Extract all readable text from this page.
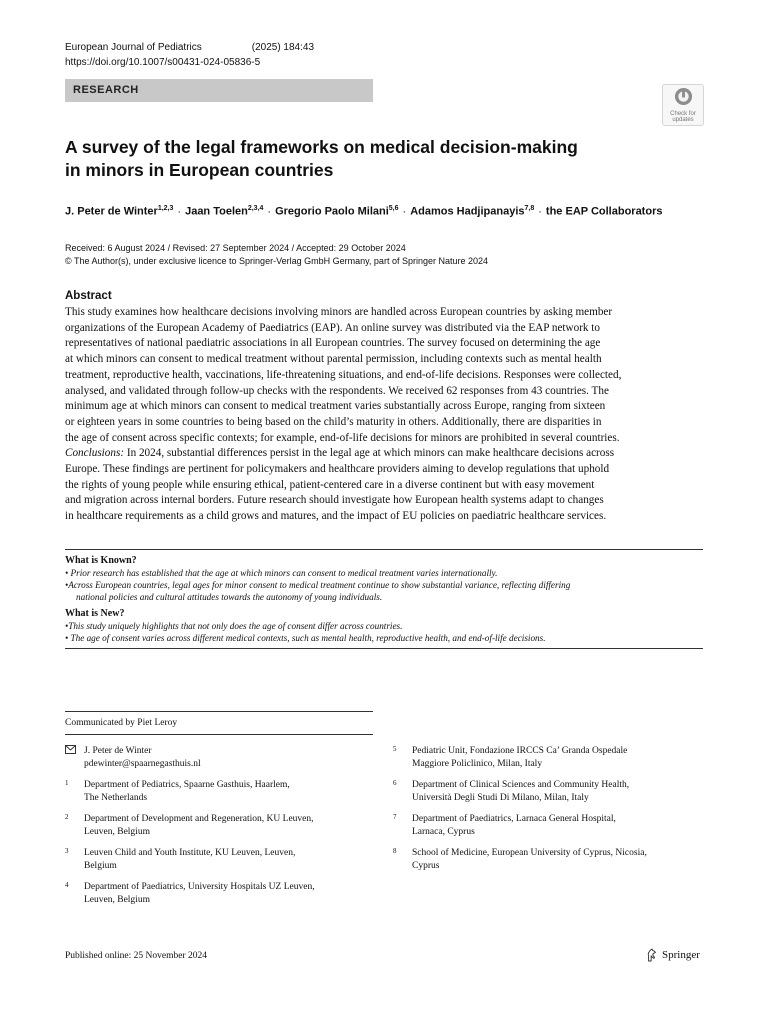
European Journal of Pediatrics	(2025) 184:43
https://doi.org/10.1007/s00431-024-05836-5
RESEARCH
Check for
updates
A survey of the legal frameworks on medical decision-making
in minors in European countries
J. Peter de Winter$^{1,2,3}$ · Jaan Toelen$^{2,3,4}$ · Gregorio Paolo Milani$^{5,6}$ · Adamos Hadjipanayis$^{7,8}$ · the EAP Collaborators
Received: 6 August 2024 / Revised: 27 September 2024 / Accepted: 29 October 2024
© The Author(s), under exclusive licence to Springer-Verlag GmbH Germany, part of Springer Nature 2024
Abstract

This study examines how healthcare decisions involving minors are handled across European countries by asking member
organizations of the European Academy of Paediatrics (EAP). An online survey was distributed via the EAP network to
representatives of national paediatric associations in all European countries. The survey focused on determining the age
at which minors can consent to medical treatment without parental permission, including contexts such as mental health
treatment, reproductive health, vaccinations, life-threatening situations, and end-of-life decisions. Responses were collected,
analysed, and validated through follow-up checks with the respondents. We received 62 responses from 43 countries. The
minimum age at which minors can consent to medical treatment varies substantially across Europe, ranging from sixteen
or eighteen years in some countries to being based on the child’s maturity in others. Additionally, there are disparities in
the age of consent across specific contexts; for example, end-of-life decisions for minors are prohibited in several countries.
Conclusions: In 2024, substantial differences persist in the legal age at which minors can make healthcare decisions across
Europe. These findings are pertinent for policymakers and healthcare providers aiming to develop regulations that uphold
the rights of young people while ensuring ethical, patient-centered care in a diverse continent but with easy movement
and migration across internal borders. Future research should investigate how European health systems adapt to changes
in healthcare requirements as a child grows and matures, and the impact of EU policies on paediatric healthcare services.

What is Known?
• Prior research has established that the age at which minors can consent to medical treatment varies internationally.
•Across European countries, legal ages for minor consent to medical treatment continue to show substantial variance, reflecting differing
national policies and cultural attitudes towards the autonomy of young individuals.
What is New?
•This study uniquely highlights that not only does the age of consent differ across countries.
• The age of consent varies across different medical contexts, such as mental health, reproductive health, and end-of-life decisions.
Communicated by Piet Leroy
J. Peter de Winter
pdewinter@spaarnegasthuis.nl
1 Department of Pediatrics, Spaarne Gasthuis, Haarlem,
The Netherlands
2 Department of Development and Regeneration, KU Leuven,
Leuven, Belgium
3 Leuven Child and Youth Institute, KU Leuven, Leuven,
Belgium
4 Department of Paediatrics, University Hospitals UZ Leuven,
Leuven, Belgium
5 Pediatric Unit, Fondazione IRCCS Ca’ Granda Ospedale
Maggiore Policlinico, Milan, Italy
6 Department of Clinical Sciences and Community Health,
Università Degli Studi Di Milano, Milan, Italy
7 Department of Paediatrics, Larnaca General Hospital,
Larnaca, Cyprus
8 School of Medicine, European University of Cyprus, Nicosia,
Cyprus
Published online: 25 November 2024	Springer
